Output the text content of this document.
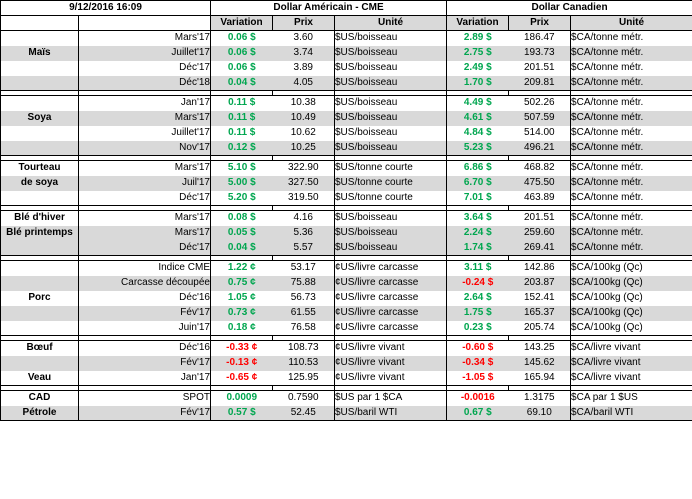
9/12/2016 16:09		Dollar Américain - CME			Dollar Canadien		
		Variation	Prix	Unité	Variation	Prix	Unité
	Mars'17	0.06 $	3.60	$US/boisseau	2.89 $	186.47	$CA/tonne métr.
Maïs	Juillet'17	0.06 $	3.74	$US/boisseau	2.75 $	193.73	$CA/tonne métr.
	Déc'17	0.06 $	3.89	$US/boisseau	2.49 $	201.51	$CA/tonne métr.
	Déc'18	0.04 $	4.05	$US/boisseau	1.70 $	209.81	$CA/tonne métr.

	Jan'17	0.11 $	10.38	$US/boisseau	4.49 $	502.26	$CA/tonne métr.
Soya	Mars'17	0.11 $	10.49	$US/boisseau	4.61 $	507.59	$CA/tonne métr.
	Juillet'17	0.11 $	10.62	$US/boisseau	4.84 $	514.00	$CA/tonne métr.
	Nov'17	0.12 $	10.25	$US/boisseau	5.23 $	496.21	$CA/tonne métr.

Tourteau	Mars'17	5.10 $	322.90	$US/tonne courte	6.86 $	468.82	$CA/tonne métr.
de soya	Juil'17	5.00 $	327.50	$US/tonne courte	6.70 $	475.50	$CA/tonne métr.
	Déc'17	5.20 $	319.50	$US/tonne courte	7.01 $	463.89	$CA/tonne métr.

Blé d'hiver	Mars'17	0.08 $	4.16	$US/boisseau	3.64 $	201.51	$CA/tonne métr.
Blé printemps	Mars'17	0.05 $	5.36	$US/boisseau	2.24 $	259.60	$CA/tonne métr.
	Déc'17	0.04 $	5.57	$US/boisseau	1.74 $	269.41	$CA/tonne métr.

	Indice CME	1.22 ¢	53.17	¢US/livre carcasse	3.11 $	142.86	$CA/100kg (Qc)
	Carcasse découpée	0.75 ¢	75.88	¢US/livre carcasse	-0.24 $	203.87	$CA/100kg (Qc)
Porc	Déc'16	1.05 ¢	56.73	¢US/livre carcasse	2.64 $	152.41	$CA/100kg (Qc)
	Fév'17	0.73 ¢	61.55	¢US/livre carcasse	1.75 $	165.37	$CA/100kg (Qc)
	Juin'17	0.18 ¢	76.58	¢US/livre carcasse	0.23 $	205.74	$CA/100kg (Qc)

Bœuf	Déc'16	-0.33 ¢	108.73	¢US/livre vivant	-0.60 $	143.25	$CA/livre vivant
	Fév'17	-0.13 ¢	110.53	¢US/livre vivant	-0.34 $	145.62	$CA/livre vivant
Veau	Jan'17	-0.65 ¢	125.95	¢US/livre vivant	-1.05 $	165.94	$CA/livre vivant

CAD	SPOT	0.0009	0.7590	$US par 1 $CA	-0.0016	1.3175	$CA par 1 $US
Pétrole	Fév'17	0.57 $	52.45	$US/baril WTI	0.67 $	69.10	$CA/baril WTI
